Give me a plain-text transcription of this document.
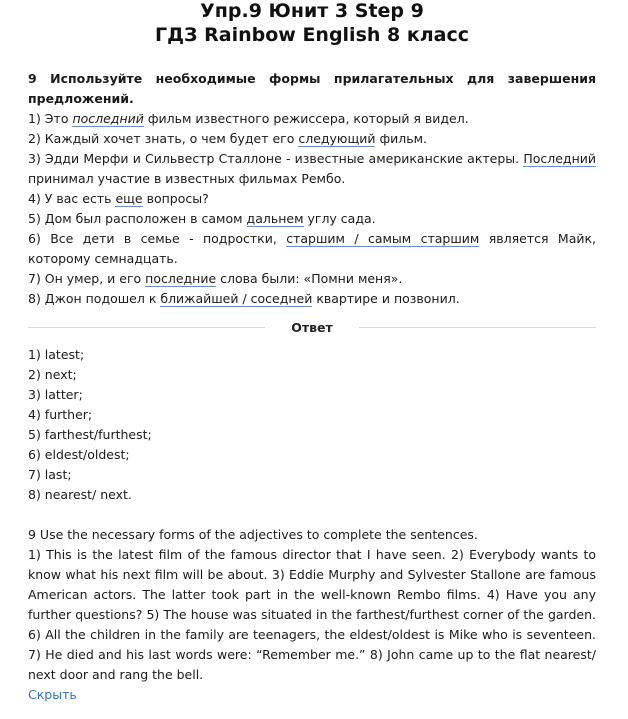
Упр.9 Юнит 3 Step 9
ГДЗ Rainbow English 8 класс

9 Используйте необходимые формы прилагательных для завершения предложений.

1) Это последний фильм известного режиссера, который я видел.

2) Каждый хочет знать, о чем будет его следующий фильм.

3) Эдди Мерфи и Сильвестр Сталлоне - известные американские актеры. Последний принимал участие в известных фильмах Рембо.

4) У вас есть еще вопросы?

5) Дом был расположен в самом дальнем углу сада.

6) Все дети в семье - подростки, старшим / самым старшим является Майк, которому семнадцать.

7) Он умер, и его последние слова были: «Помни меня».

8) Джон подошел к ближайшей / соседней квартире и позвонил.

Ответ
1) latest;
2) next;
3) latter;
4) further;
5) farthest/furthest;
6) eldest/oldest;
7) last;
8) nearest/ next.
9 Use the necessary forms of the adjectives to complete the sentences.
1) This is the latest film of the famous director that I have seen. 2) Everybody wants to know what his next film will be about. 3) Eddie Murphy and Sylvester Stallone are famous American actors. The latter took part in the well-known Rembo films. 4) Have you any further questions? 5) The house was situated in the farthest/furthest corner of the garden. 6) All the children in the family are teenagers, the eldest/oldest is Mike who is seventeen. 7) He died and his last words were: “Remember me.” 8) John came up to the flat nearest/ next door and rang the bell.
Скрыть
